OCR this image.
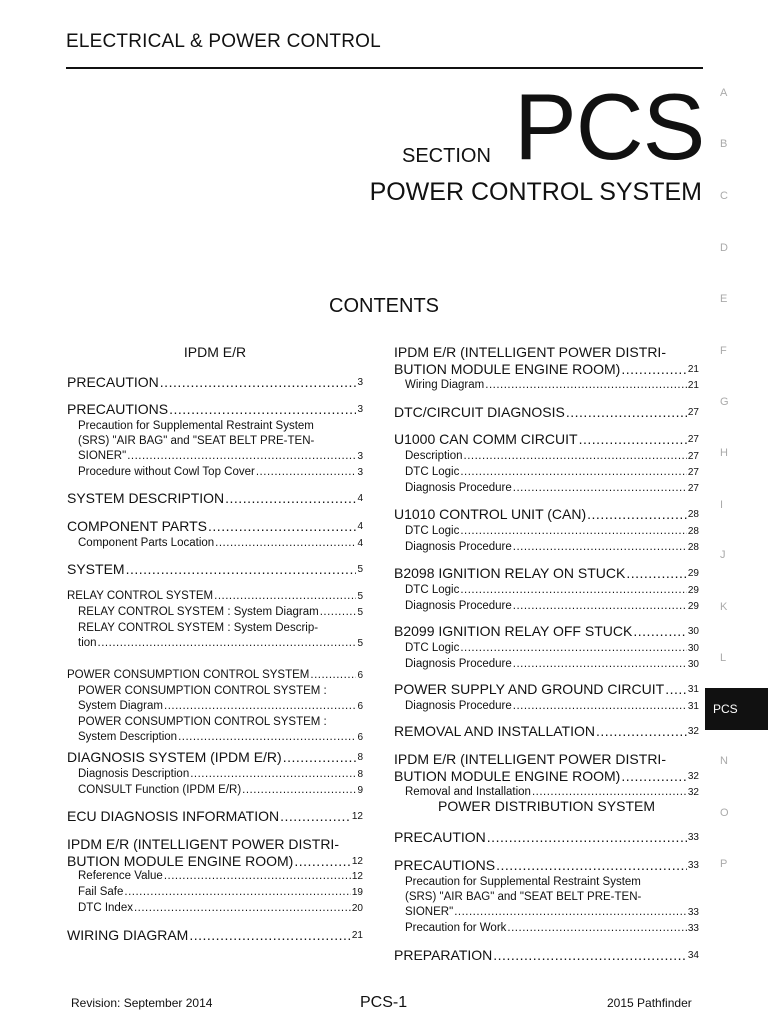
ELECTRICAL & POWER CONTROL
SECTION PCS
POWER CONTROL SYSTEM
CONTENTS
IPDM E/R
PRECAUTION .....	3
PRECAUTIONS .....	3
Precaution for Supplemental Restraint System
(SRS) "AIR BAG" and "SEAT BELT PRE-TEN-
SIONER" .....	3
Procedure without Cowl Top Cover .....	3
SYSTEM DESCRIPTION .....	4
COMPONENT PARTS .....	4
Component Parts Location .....	4
SYSTEM .....	5
RELAY CONTROL SYSTEM .....	5
RELAY CONTROL SYSTEM : System Diagram .....	5
RELAY CONTROL SYSTEM : System Descrip-
tion .....	5
POWER CONSUMPTION CONTROL SYSTEM .....	6
POWER CONSUMPTION CONTROL SYSTEM :
System Diagram .....	6
POWER CONSUMPTION CONTROL SYSTEM :
System Description .....	6
DIAGNOSIS SYSTEM (IPDM E/R) .....	8
Diagnosis Description .....	8
CONSULT Function (IPDM E/R) .....	9
ECU DIAGNOSIS INFORMATION .....	12
IPDM E/R (INTELLIGENT POWER DISTRI-
BUTION MODULE ENGINE ROOM) .....	12
Reference Value .....	12
Fail Safe .....	19
DTC Index .....	20
WIRING DIAGRAM .....	21
IPDM E/R (INTELLIGENT POWER DISTRI-
BUTION MODULE ENGINE ROOM) .....	21
Wiring Diagram .....	21
DTC/CIRCUIT DIAGNOSIS .....	27
U1000 CAN COMM CIRCUIT .....	27
Description .....	27
DTC Logic .....	27
Diagnosis Procedure .....	27
U1010 CONTROL UNIT (CAN) .....	28
DTC Logic .....	28
Diagnosis Procedure .....	28
B2098 IGNITION RELAY ON STUCK .....	29
DTC Logic .....	29
Diagnosis Procedure .....	29
B2099 IGNITION RELAY OFF STUCK .....	30
DTC Logic .....	30
Diagnosis Procedure .....	30
POWER SUPPLY AND GROUND CIRCUIT ..... 31
Diagnosis Procedure .....	31
REMOVAL AND INSTALLATION .....	32
IPDM E/R (INTELLIGENT POWER DISTRI-
BUTION MODULE ENGINE ROOM) .....	32
Removal and Installation .....	32
POWER DISTRIBUTION SYSTEM
PRECAUTION .....	33
PRECAUTIONS .....	33
Precaution for Supplemental Restraint System
(SRS) "AIR BAG" and "SEAT BELT PRE-TEN-
SIONER" .....	33
Precaution for Work .....	33
PREPARATION .....	34
A
B
C
D
E
F
G
H
I
J
K
L
PCS
N
O
P
Revision: September 2014	PCS-1	2015 Pathfinder
